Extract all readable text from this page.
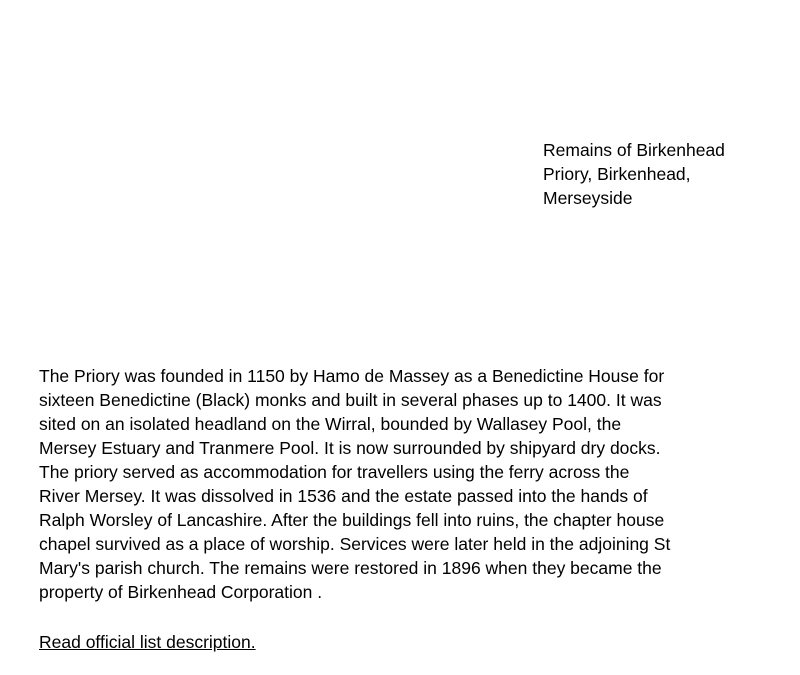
Remains of Birkenhead
Priory, Birkenhead,
Merseyside
The Priory was founded in 1150 by Hamo de Massey as a Benedictine House for
sixteen Benedictine (Black) monks and built in several phases up to 1400. It was
sited on an isolated headland on the Wirral, bounded by Wallasey Pool, the
Mersey Estuary and Tranmere Pool. It is now surrounded by shipyard dry docks.
The priory served as accommodation for travellers using the ferry across the
River Mersey. It was dissolved in 1536 and the estate passed into the hands of
Ralph Worsley of Lancashire. After the buildings fell into ruins, the chapter house
chapel survived as a place of worship. Services were later held in the adjoining St
Mary's parish church. The remains were restored in 1896 when they became the
property of Birkenhead Corporation .
Read official list description.
